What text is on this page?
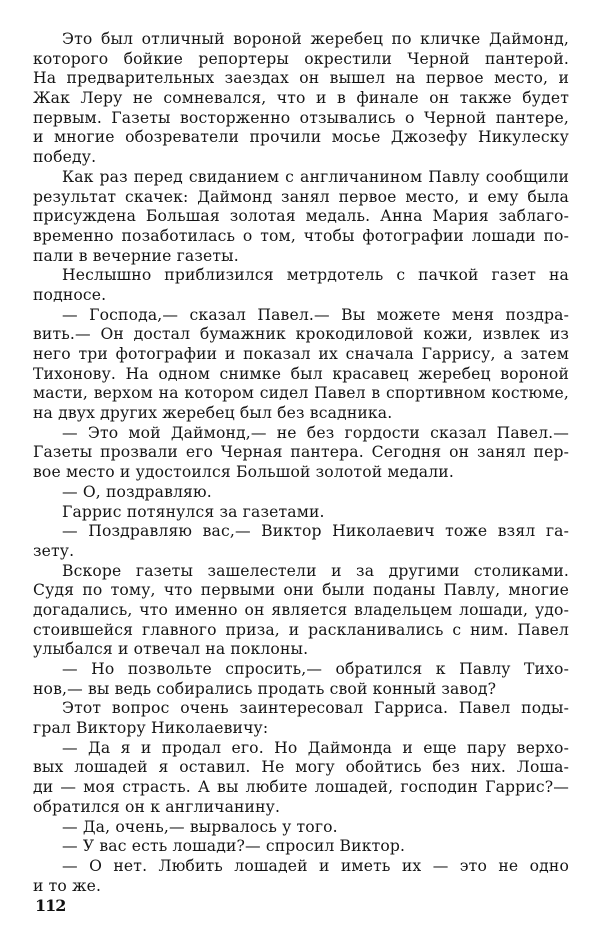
Это был отличный вороной жеребец по кличке Даймонд,
которого бойкие репортеры окрестили Черной пантерой.
На предварительных заездах он вышел на первое место, и
Жак Леру не сомневался, что и в финале он также будет
первым. Газеты восторженно отзывались о Черной пантере,
и многие обозреватели прочили мосье Джозефу Никулеску
победу.
Как раз перед свиданием с англичанином Павлу сообщили
результат скачек: Даймонд занял первое место, и ему была
присуждена Большая золотая медаль. Анна Мария заблаго-
временно позаботилась о том, чтобы фотографии лошади по-
пали в вечерние газеты.
Неслышно приблизился метрдотель с пачкой газет на
подносе.
— Господа,— сказал Павел.— Вы можете меня поздра-
вить.— Он достал бумажник крокодиловой кожи, извлек из
него три фотографии и показал их сначала Гаррису, а затем
Тихонову. На одном снимке был красавец жеребец вороной
масти, верхом на котором сидел Павел в спортивном костюме,
на двух других жеребец был без всадника.
— Это мой Даймонд,— не без гордости сказал Павел.—
Газеты прозвали его Черная пантера. Сегодня он занял пер-
вое место и удостоился Большой золотой медали.
— О, поздравляю.
Гаррис потянулся за газетами.
— Поздравляю вас,— Виктор Николаевич тоже взял га-
зету.
Вскоре газеты зашелестели и за другими столиками.
Судя по тому, что первыми они были поданы Павлу, многие
догадались, что именно он является владельцем лошади, удо-
стоившейся главного приза, и раскланивались с ним. Павел
улыбался и отвечал на поклоны.
— Но позвольте спросить,— обратился к Павлу Тихо-
нов,— вы ведь собирались продать свой конный завод?
Этот вопрос очень заинтересовал Гарриса. Павел поды-
грал Виктору Николаевичу:
— Да я и продал его. Но Даймонда и еще пару верхо-
вых лошадей я оставил. Не могу обойтись без них. Лоша-
ди — моя страсть. А вы любите лошадей, господин Гаррис?—
обратился он к англичанину.
— Да, очень,— вырвалось у того.
— У вас есть лошади?— спросил Виктор.
— О нет. Любить лошадей и иметь их — это не одно
и то же.
112
